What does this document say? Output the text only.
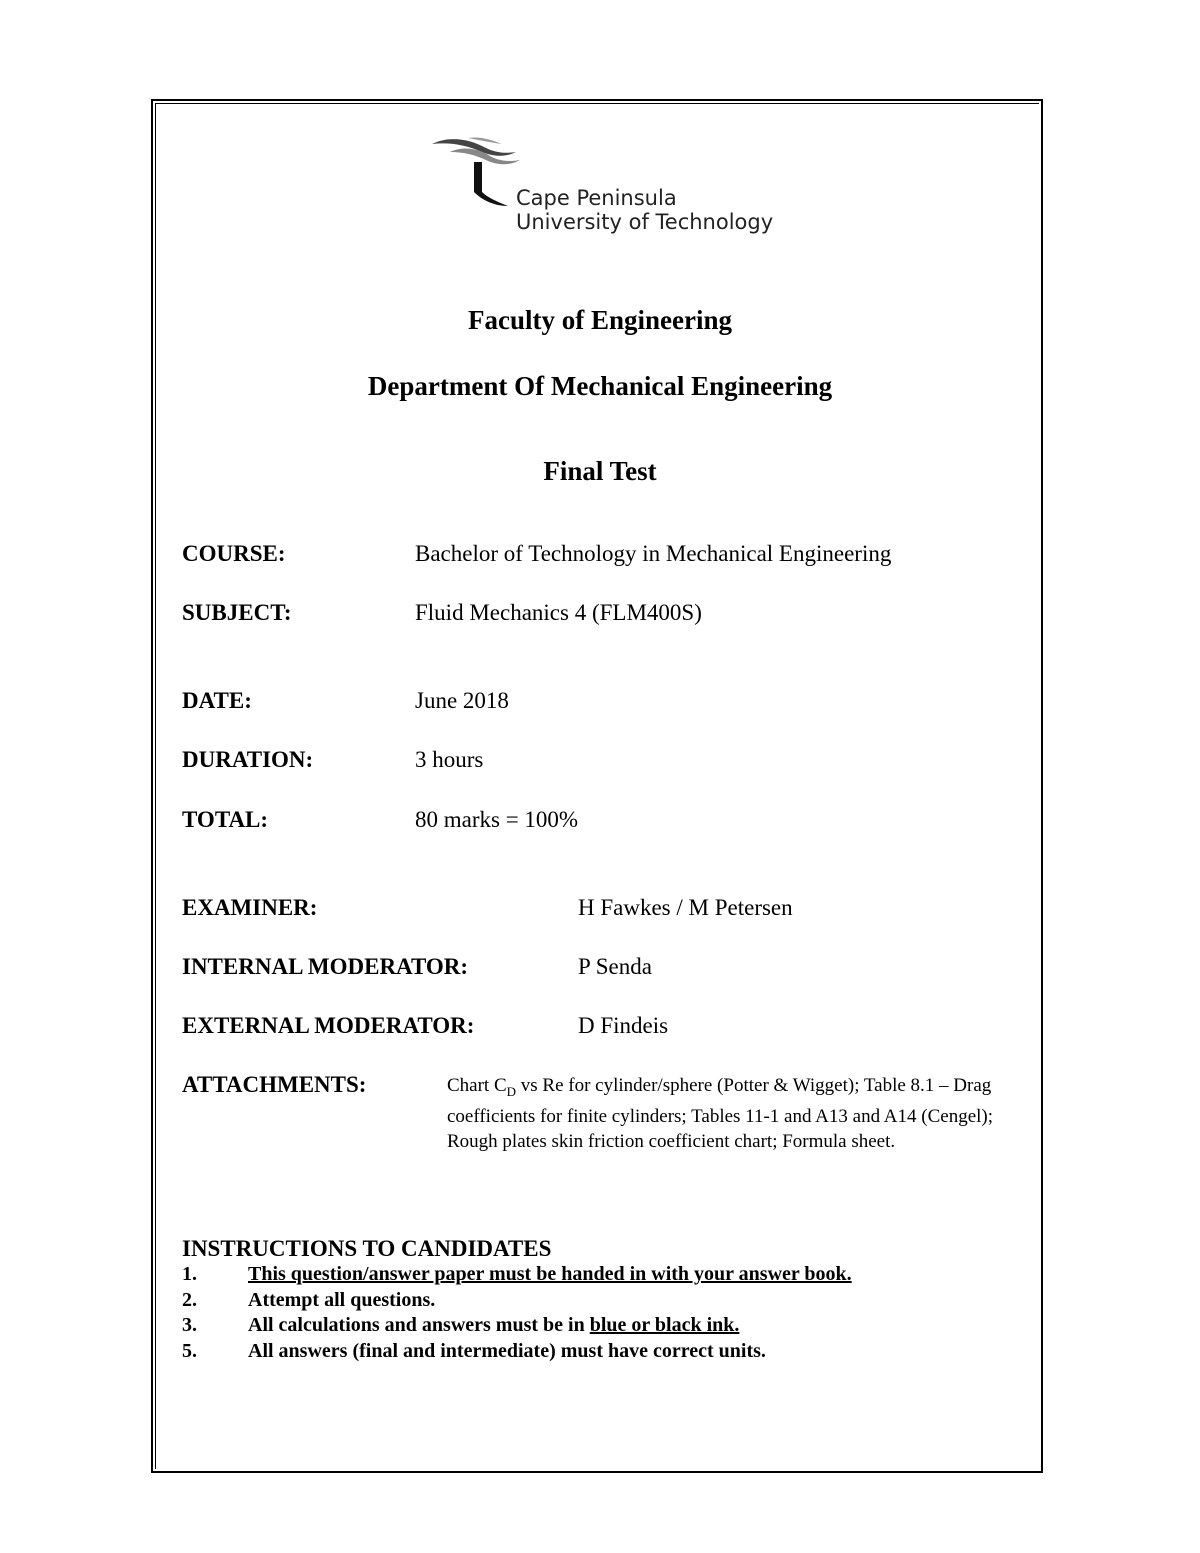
Cape Peninsula
University of Technology
Faculty of Engineering
Department Of Mechanical Engineering
Final Test
COURSE:	Bachelor of Technology in Mechanical Engineering
SUBJECT:	Fluid Mechanics 4 (FLM400S)
DATE:	June 2018
DURATION:	3 hours
TOTAL:	80 marks = 100%
EXAMINER:	H Fawkes / M Petersen
INTERNAL MODERATOR:	P Senda
EXTERNAL MODERATOR:	D Findeis
ATTACHMENTS:	Chart $C_D$ vs Re for cylinder/sphere (Potter & Wigget); Table 8.1 – Drag coefficients for finite cylinders; Tables 11-1 and A13 and A14 (Cengel); Rough plates skin friction coefficient chart; Formula sheet.
INSTRUCTIONS TO CANDIDATES
1.	This question/answer paper must be handed in with your answer book.
2.	Attempt all questions.
3.	All calculations and answers must be in blue or black ink.
5.	All answers (final and intermediate) must have correct units.
